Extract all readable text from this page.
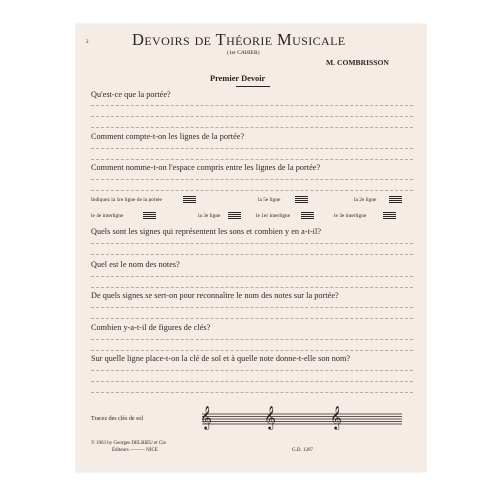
2	Devoirs de Théorie Musicale
(1er CAHIER)
M. COMBRISSON
Premier Devoir
Qu'est-ce que la portée?
Comment compte-t-on les lignes de la portée?
Comment nomme-t-on l'espace compris entre les lignes de la portée?
Indiquez la 1re ligne de la portée	la 5e ligne	la 2e ligne
le 4e interligne	la 3e ligne	le 1er interligne	le 3e interligne
Quels sont les signes qui représentent les sons et combien y en a-t-il?
Quel est le nom des notes?
De quels signes se sert-on pour reconnaître le nom des notes sur la portée?
Combien y-a-t-il de figures de clés?
Sur quelle ligne place-t-on la clé de sol et à quelle note donne-t-elle son nom?
Tracez des clés de sol	𝄞	𝄞	𝄞
© 1963 by Georges DELRIEU et Cie
Éditeurs ——— NICE	G.D. 1207
